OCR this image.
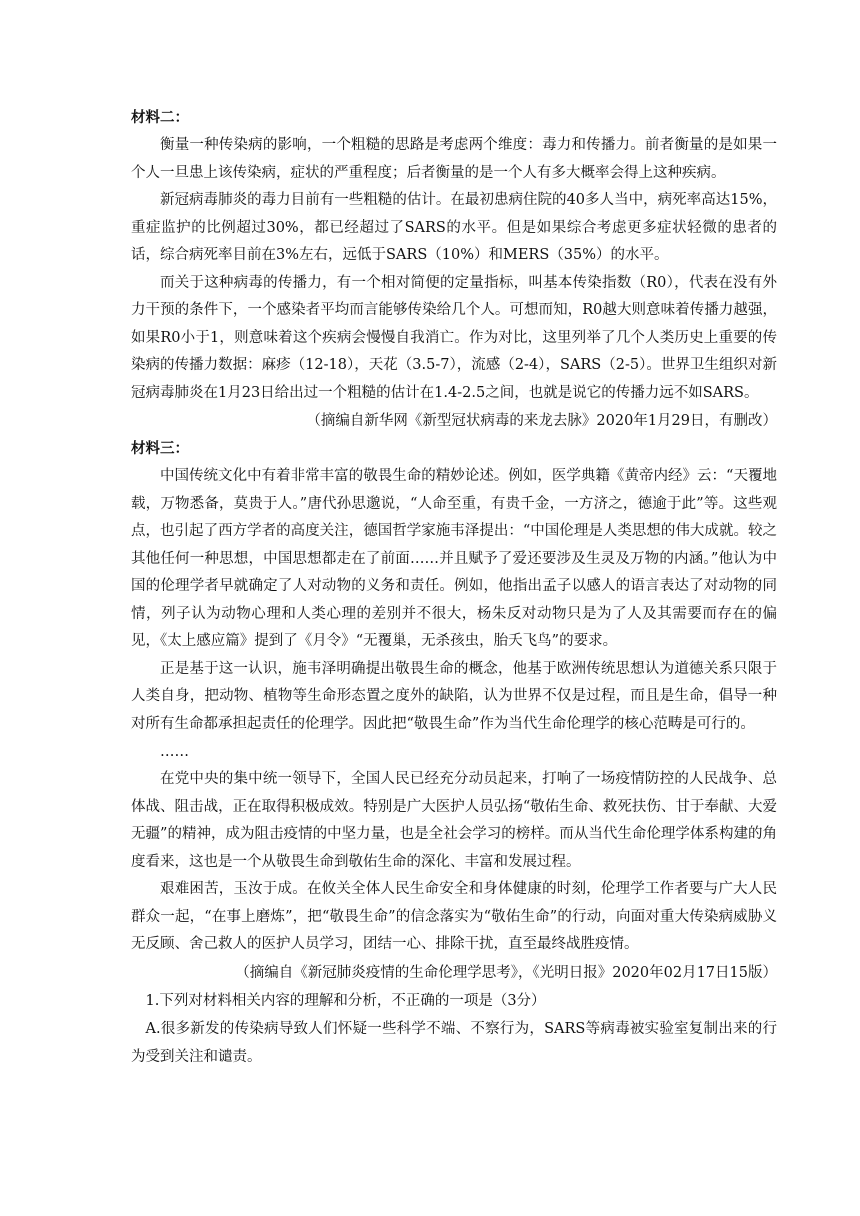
材料二：

衡量一种传染病的影响，一个粗糙的思路是考虑两个维度：毒力和传播力。前者衡量的是如果一个人一旦患上该传染病，症状的严重程度；后者衡量的是一个人有多大概率会得上这种疾病。

新冠病毒肺炎的毒力目前有一些粗糙的估计。在最初患病住院的40多人当中，病死率高达15%，重症监护的比例超过30%，都已经超过了SARS的水平。但是如果综合考虑更多症状轻微的患者的话，综合病死率目前在3%左右，远低于SARS（10%）和MERS（35%）的水平。

而关于这种病毒的传播力，有一个相对简便的定量指标，叫基本传染指数（R0），代表在没有外力干预的条件下，一个感染者平均而言能够传染给几个人。可想而知，R0越大则意味着传播力越强，如果R0小于1，则意味着这个疾病会慢慢自我消亡。作为对比，这里列举了几个人类历史上重要的传染病的传播力数据：麻疹（12-18），天花（3.5-7），流感（2-4），SARS（2-5）。世界卫生组织对新冠病毒肺炎在1月23日给出过一个粗糙的估计在1.4-2.5之间，也就是说它的传播力远不如SARS。

（摘编自新华网《新型冠状病毒的来龙去脉》2020年1月29日，有删改）

材料三：

中国传统文化中有着非常丰富的敬畏生命的精妙论述。例如，医学典籍《黄帝内经》云：“天覆地载，万物悉备，莫贵于人。”唐代孙思邈说，“人命至重，有贵千金，一方济之，德逾于此”等。这些观点，也引起了西方学者的高度关注，德国哲学家施韦泽提出：“中国伦理是人类思想的伟大成就。较之其他任何一种思想，中国思想都走在了前面……并且赋予了爱还要涉及生灵及万物的内涵。”他认为中国的伦理学者早就确定了人对动物的义务和责任。例如，他指出孟子以感人的语言表达了对动物的同情，列子认为动物心理和人类心理的差别并不很大，杨朱反对动物只是为了人及其需要而存在的偏见，《太上感应篇》提到了《月令》“无覆巢，无杀孩虫，胎夭飞鸟”的要求。

正是基于这一认识，施韦泽明确提出敬畏生命的概念，他基于欧洲传统思想认为道德关系只限于人类自身，把动物、植物等生命形态置之度外的缺陷，认为世界不仅是过程，而且是生命，倡导一种对所有生命都承担起责任的伦理学。因此把“敬畏生命”作为当代生命伦理学的核心范畴是可行的。

……

在党中央的集中统一领导下，全国人民已经充分动员起来，打响了一场疫情防控的人民战争、总体战、阻击战，正在取得积极成效。特别是广大医护人员弘扬“敬佑生命、救死扶伤、甘于奉献、大爱无疆”的精神，成为阻击疫情的中坚力量，也是全社会学习的榜样。而从当代生命伦理学体系构建的角度看来，这也是一个从敬畏生命到敬佑生命的深化、丰富和发展过程。

艰难困苦，玉汝于成。在攸关全体人民生命安全和身体健康的时刻，伦理学工作者要与广大人民群众一起，“在事上磨炼”，把“敬畏生命”的信念落实为“敬佑生命”的行动，向面对重大传染病威胁义无反顾、舍己救人的医护人员学习，团结一心、排除干扰，直至最终战胜疫情。

（摘编自《新冠肺炎疫情的生命伦理学思考》，《光明日报》2020年02月17日15版）

1.下列对材料相关内容的理解和分析，不正确的一项是（3分）

A.很多新发的传染病导致人们怀疑一些科学不端、不察行为，SARS等病毒被实验室复制出来的行为受到关注和谴责。
